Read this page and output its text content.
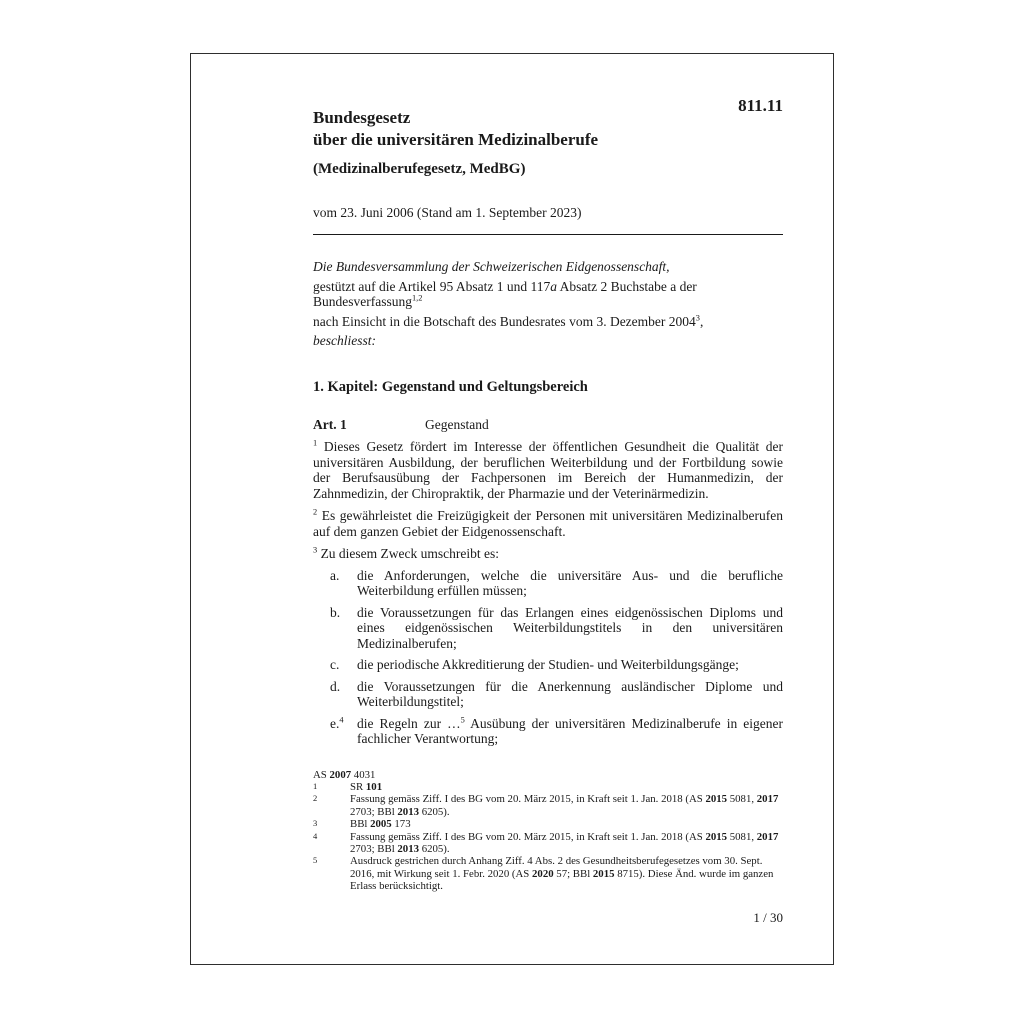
811.11
Bundesgesetz
über die universitären Medizinalberufe
(Medizinalberufegesetz, MedBG)
vom 23. Juni 2006 (Stand am 1. September 2023)

Die Bundesversammlung der Schweizerischen Eidgenossenschaft,

gestützt auf die Artikel 95 Absatz 1 und 117a Absatz 2 Buchstabe a der Bundesverfassung$^{1,2}$

nach Einsicht in die Botschaft des Bundesrates vom 3. Dezember 2004$^3$,

beschliesst:

1. Kapitel: Gegenstand und Geltungsbereich
Art. 1	Gegenstand

$^1$ Dieses Gesetz fördert im Interesse der öffentlichen Gesundheit die Qualität der universitären Ausbildung, der beruflichen Weiterbildung und der Fortbildung sowie der Berufsausübung der Fachpersonen im Bereich der Humanmedizin, der Zahnmedizin, der Chiropraktik, der Pharmazie und der Veterinärmedizin.

$^2$ Es gewährleistet die Freizügigkeit der Personen mit universitären Medizinalberufen auf dem ganzen Gebiet der Eidgenossenschaft.

$^3$ Zu diesem Zweck umschreibt es:

a.	die Anforderungen, welche die universitäre Aus- und die berufliche Weiterbildung erfüllen müssen;
b.	die Voraussetzungen für das Erlangen eines eidgenössischen Diploms und eines eidgenössischen Weiterbildungstitels in den universitären Medizinalberufen;
c.	die periodische Akkreditierung der Studien- und Weiterbildungsgänge;
d.	die Voraussetzungen für die Anerkennung ausländischer Diplome und Weiterbildungstitel;
e.$^4$ die Regeln zur …$^5$ Ausübung der universitären Medizinalberufe in eigener fachlicher Verantwortung;

AS 2007 4031

1	SR 101
2	Fassung gemäss Ziff. I des BG vom 20. März 2015, in Kraft seit 1. Jan. 2018 (AS 2015 5081, 2017 2703; BBl 2013 6205).
3	BBl 2005 173
4	Fassung gemäss Ziff. I des BG vom 20. März 2015, in Kraft seit 1. Jan. 2018 (AS 2015 5081, 2017 2703; BBl 2013 6205).
5	Ausdruck gestrichen durch Anhang Ziff. 4 Abs. 2 des Gesundheitsberufegesetzes vom 30. Sept. 2016, mit Wirkung seit 1. Febr. 2020 (AS 2020 57; BBl 2015 8715). Diese Änd. wurde im ganzen Erlass berücksichtigt.
1 / 30
